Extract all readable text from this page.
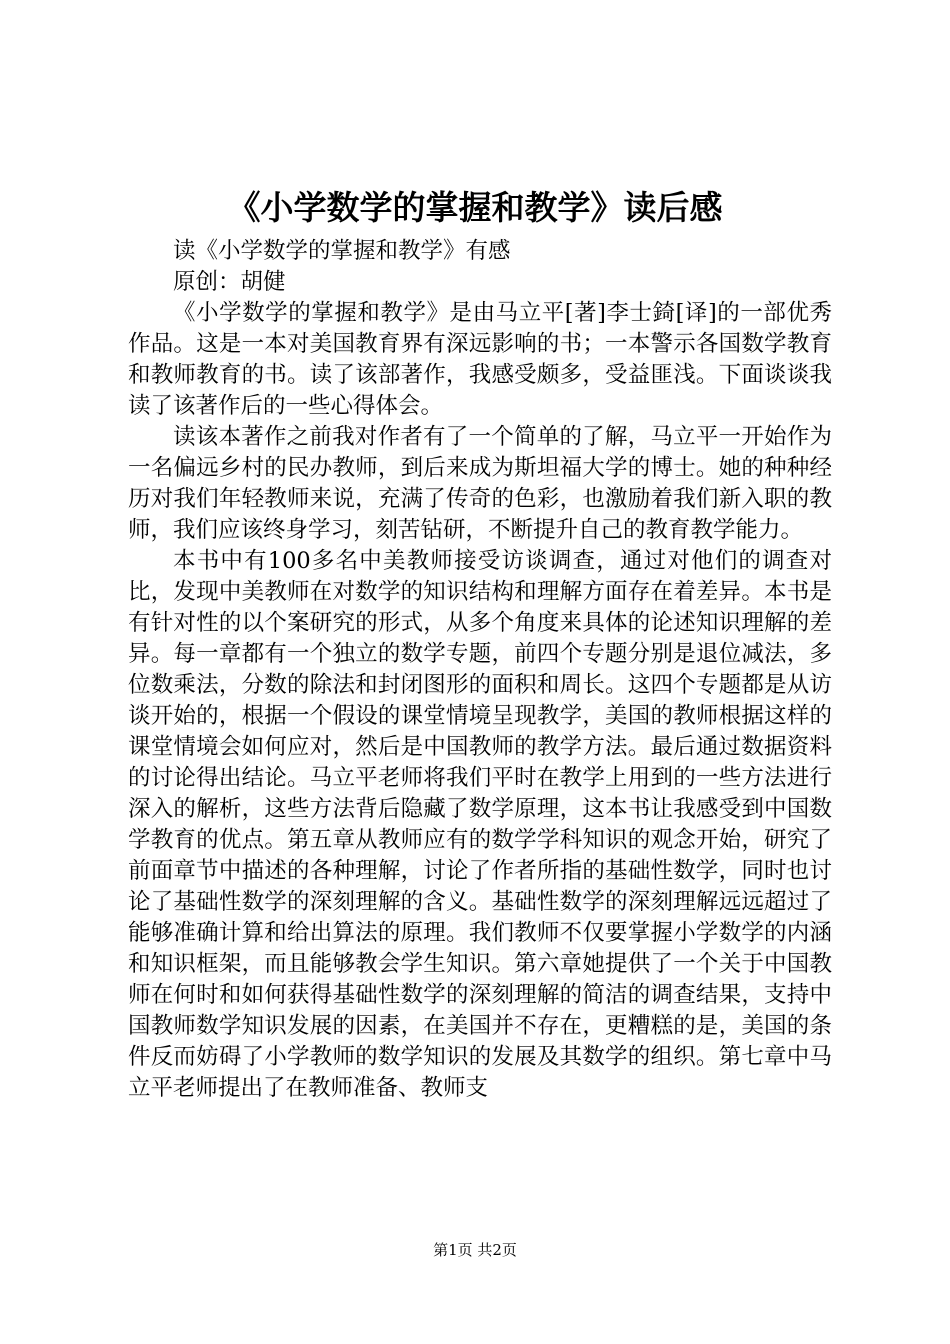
《小学数学的掌握和教学》读后感

读《小学数学的掌握和教学》有感

原创：胡健

《小学数学的掌握和教学》是由马立平[著]李士錡[译]的一部优秀作品。这是一本对美国教育界有深远影响的书；一本警示各国数学教育和教师教育的书。读了该部著作，我感受颇多，受益匪浅。下面谈谈我读了该著作后的一些心得体会。

读该本著作之前我对作者有了一个简单的了解，马立平一开始作为一名偏远乡村的民办教师，到后来成为斯坦福大学的博士。她的种种经历对我们年轻教师来说，充满了传奇的色彩，也激励着我们新入职的教师，我们应该终身学习，刻苦钻研，不断提升自己的教育教学能力。

本书中有100多名中美教师接受访谈调查，通过对他们的调查对比，发现中美教师在对数学的知识结构和理解方面存在着差异。本书是有针对性的以个案研究的形式，从多个角度来具体的论述知识理解的差异。每一章都有一个独立的数学专题，前四个专题分别是退位减法，多位数乘法，分数的除法和封闭图形的面积和周长。这四个专题都是从访谈开始的，根据一个假设的课堂情境呈现教学，美国的教师根据这样的课堂情境会如何应对，然后是中国教师的教学方法。最后通过数据资料的讨论得出结论。马立平老师将我们平时在教学上用到的一些方法进行深入的解析，这些方法背后隐藏了数学原理，这本书让我感受到中国数学教育的优点。第五章从教师应有的数学学科知识的观念开始，研究了前面章节中描述的各种理解，讨论了作者所指的基础性数学，同时也讨论了基础性数学的深刻理解的含义。基础性数学的深刻理解远远超过了能够准确计算和给出算法的原理。我们教师不仅要掌握小学数学的内涵和知识框架，而且能够教会学生知识。第六章她提供了一个关于中国教师在何时和如何获得基础性数学的深刻理解的简洁的调查结果，支持中国教师数学知识发展的因素，在美国并不存在，更糟糕的是，美国的条件反而妨碍了小学教师的数学知识的发展及其数学的组织。第七章中马立平老师提出了在教师准备、教师支

第1页 共2页
